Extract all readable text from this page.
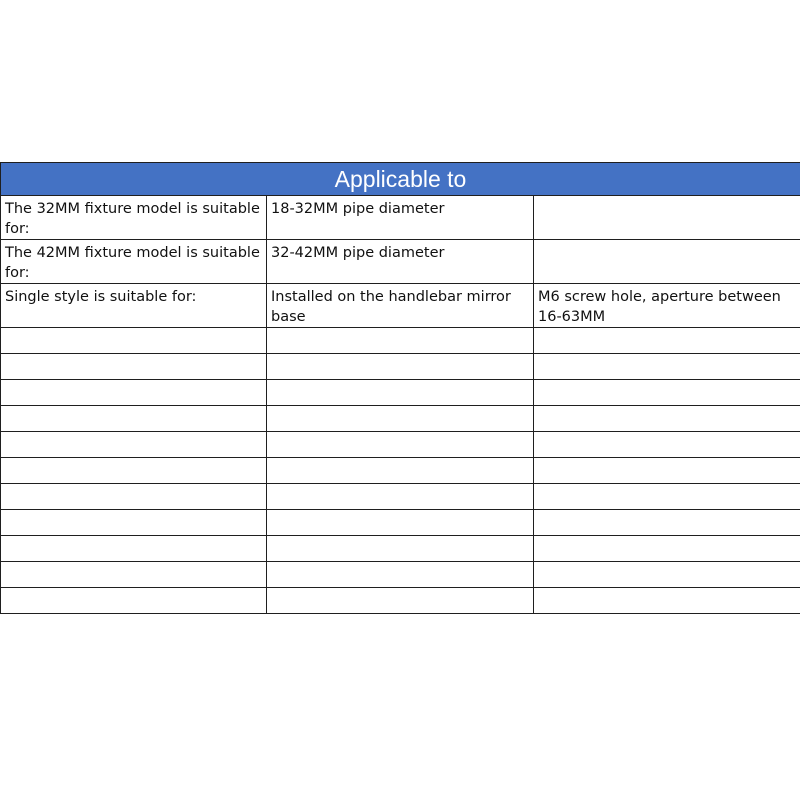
Applicable to		
The 32MM fixture model is suitable for:	18-32MM pipe diameter	
The 42MM fixture model is suitable for:	32-42MM pipe diameter	
Single style is suitable for:	Installed on the handlebar mirror base	M6 screw hole, aperture between 16-63MM
